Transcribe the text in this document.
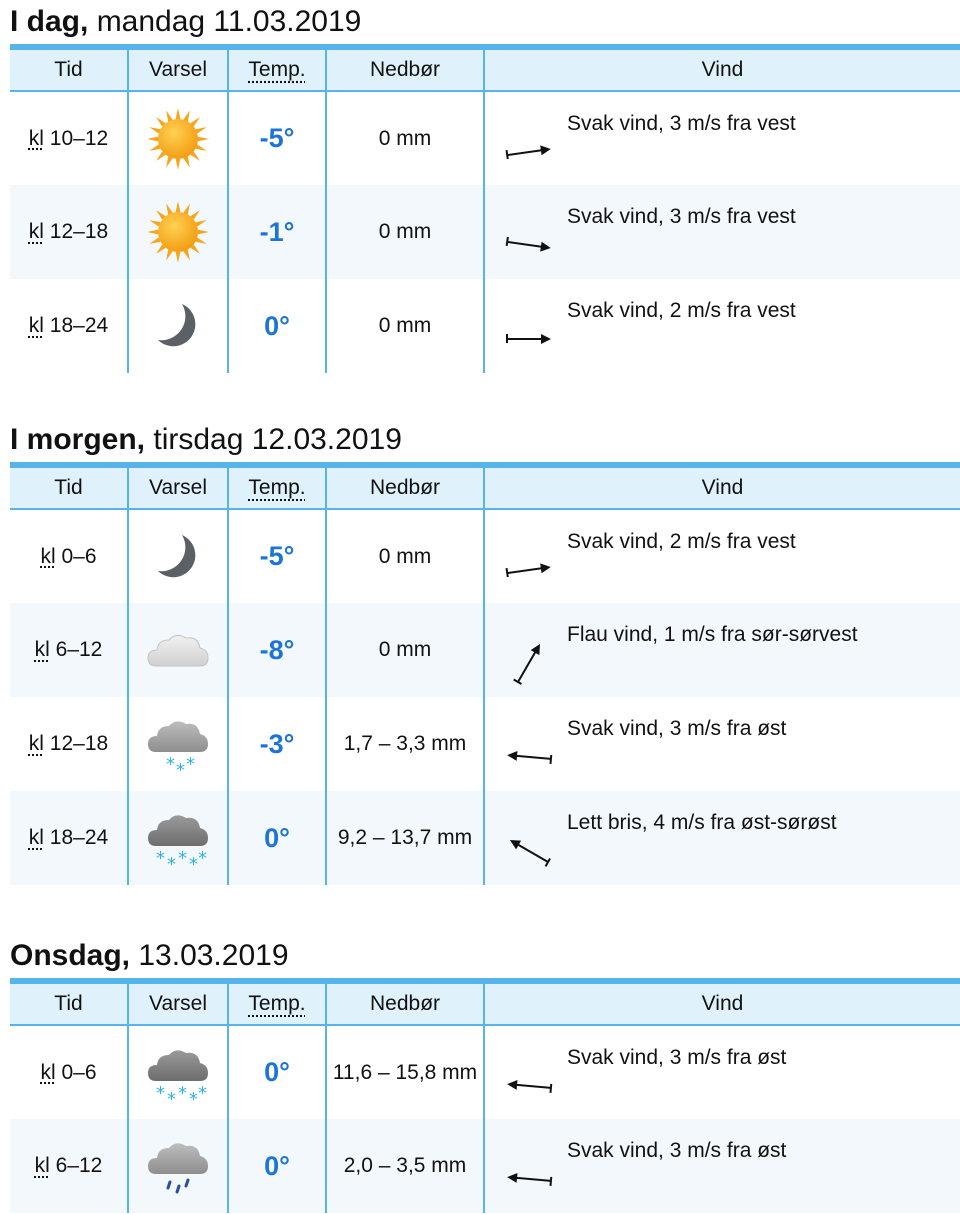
I dag, mandag 11.03.2019
Tid	Varsel	Temp.	Nedbør	Vind
kl 10–12		-5°	0 mm	Svak vind, 3 m/s fra vest

kl 12–18		-1°	0 mm	Svak vind, 3 m/s fra vest

kl 18–24		0°	0 mm	Svak vind, 2 m/s fra vest
I morgen, tirsdag 12.03.2019
Tid	Varsel	Temp.	Nedbør	Vind
kl 0–6		-5°	0 mm	Svak vind, 2 m/s fra vest

kl 6–12		-8°	0 mm	Flau vind, 1 m/s fra sør-sørvest

kl 12–18	* * *	-3°	1,7 – 3,3 mm	Svak vind, 3 m/s fra øst

kl 18–24	* * * * *	0°	9,2 – 13,7 mm	Lett bris, 4 m/s fra øst-sørøst
Onsdag, 13.03.2019
Tid	Varsel	Temp.	Nedbør	Vind
kl 0–6	* * * * *	0°	11,6 – 15,8 mm	Svak vind, 3 m/s fra øst

kl 6–12		0°	2,0 – 3,5 mm	Svak vind, 3 m/s fra øst
